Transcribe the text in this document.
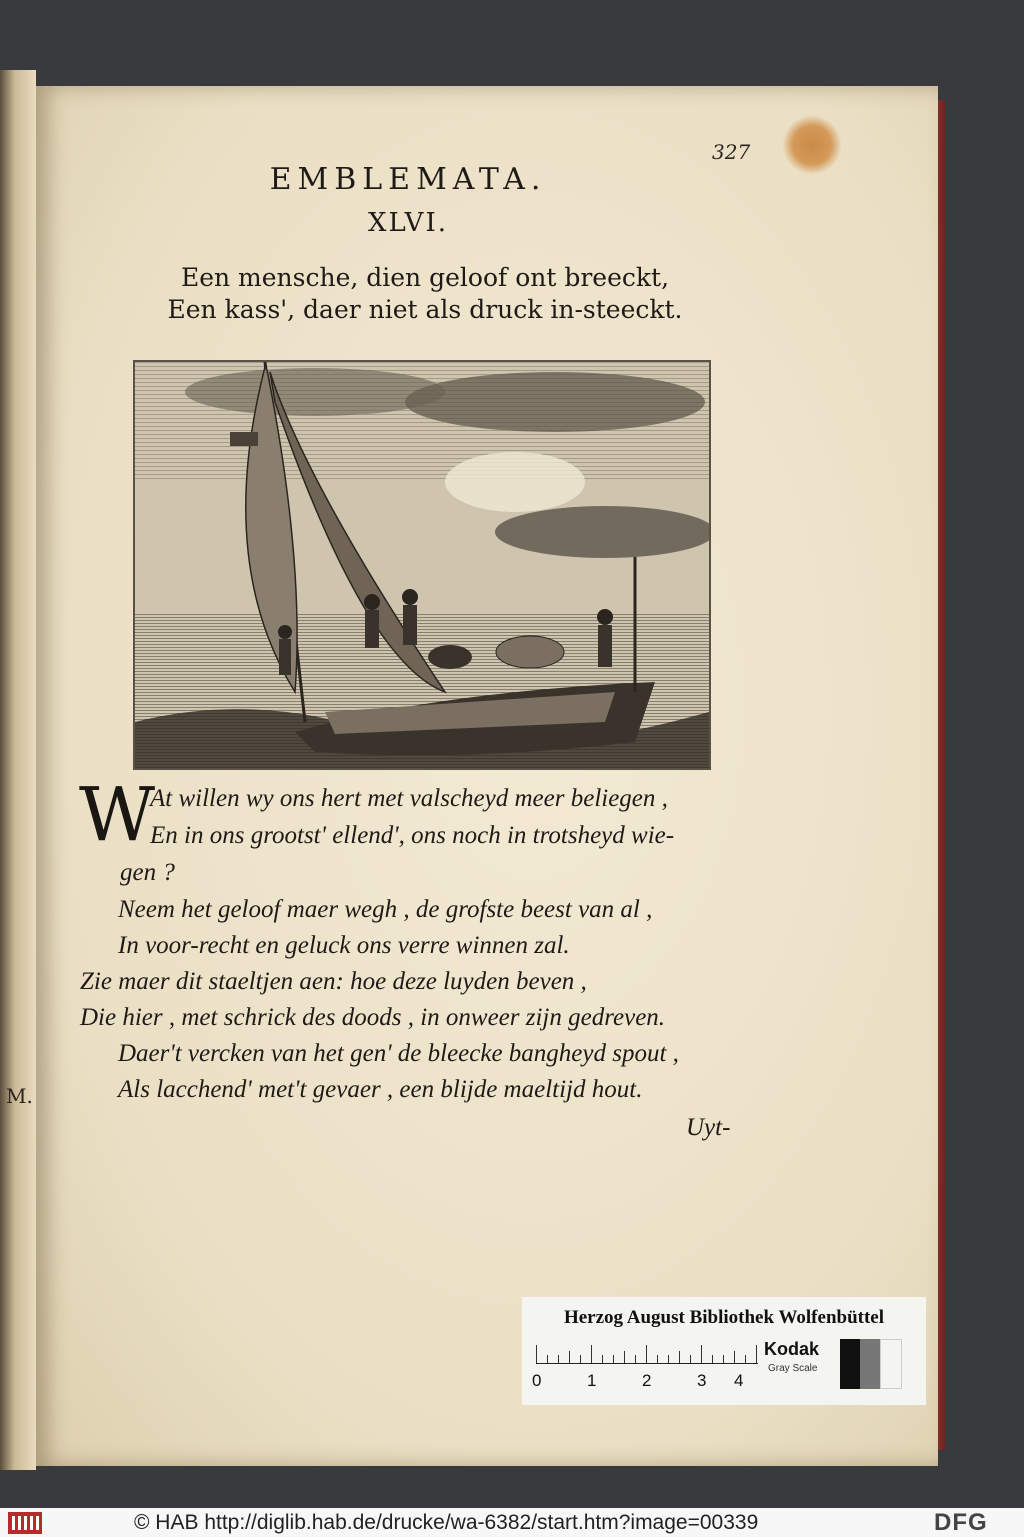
M.
327
EMBLEMATA.
XLVI.
Een mensche, dien geloof ont breeckt,
Een kass', daer niet als druck in-steeckt.
W
At willen wy ons hert met valscheyd meer beliegen ,
En in ons grootst' ellend', ons noch in trotsheyd wie-
gen ?
Neem het geloof maer wegh , de grofste beest van al ,
In voor-recht en geluck ons verre winnen zal.
Zie maer dit staeltjen aen: hoe deze luyden beven ,
Die hier , met schrick des doods , in onweer zijn gedreven.
Daer't vercken van het gen' de bleecke bangheyd spout ,
Als lacchend' met't gevaer , een blijde maeltijd hout.
Uyt-
Herzog August Bibliothek Wolfenbüttel
0	1	2	3 4
Kodak
Gray Scale
© HAB http://diglib.hab.de/drucke/wa-6382/start.htm?image=00339	DFG
